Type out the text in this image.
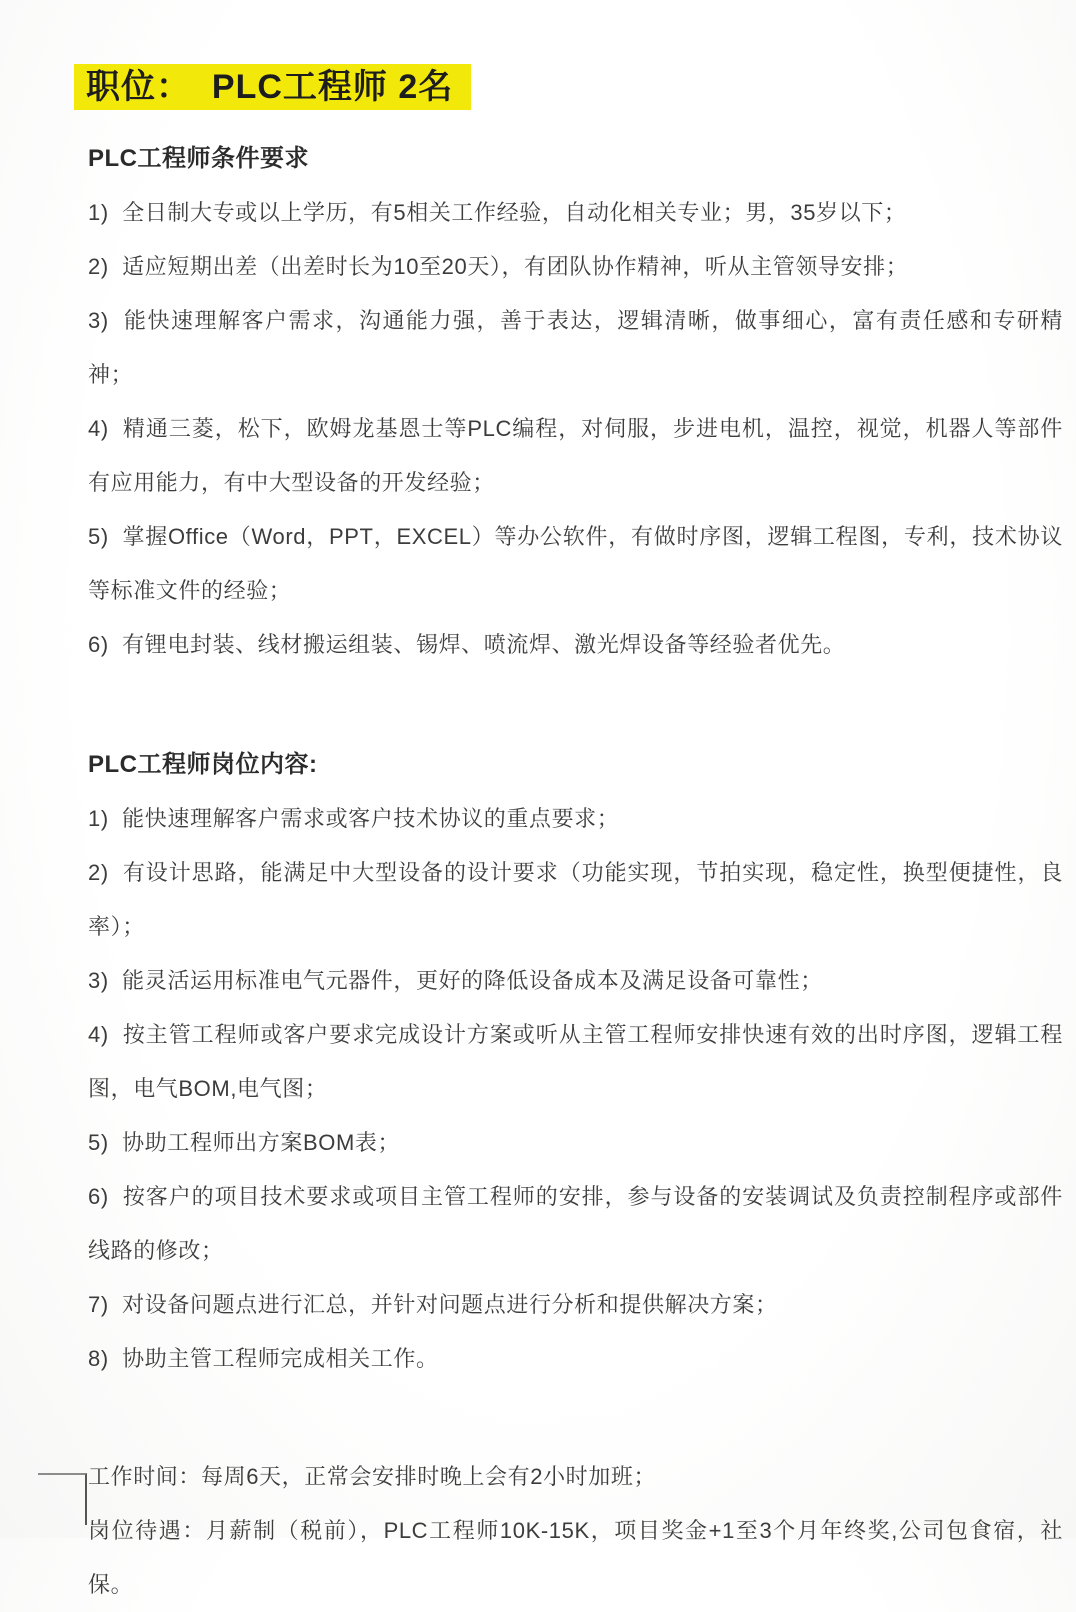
职位：  PLC工程师 2名
PLC工程师条件要求

1)  全日制大专或以上学历，有5相关工作经验，自动化相关专业；男，35岁以下；

2)  适应短期出差（出差时长为10至20天），有团队协作精神，听从主管领导安排；

3)  能快速理解客户需求，沟通能力强，善于表达，逻辑清晰，做事细心，富有责任感和专研精神；

4)  精通三菱，松下，欧姆龙基恩士等PLC编程，对伺服，步进电机，温控，视觉，机器人等部件有应用能力，有中大型设备的开发经验；

5)  掌握Office（Word，PPT，EXCEL）等办公软件，有做时序图，逻辑工程图，专利，技术协议等标准文件的经验；

6)  有锂电封装、线材搬运组装、锡焊、喷流焊、激光焊设备等经验者优先。

PLC工程师岗位内容:

1)  能快速理解客户需求或客户技术协议的重点要求；

2)  有设计思路，能满足中大型设备的设计要求（功能实现，节拍实现，稳定性，换型便捷性，良率）；

3)  能灵活运用标准电气元器件，更好的降低设备成本及满足设备可靠性；

4)  按主管工程师或客户要求完成设计方案或听从主管工程师安排快速有效的出时序图，逻辑工程图，电气BOM,电气图；

5)  协助工程师出方案BOM表；

6)  按客户的项目技术要求或项目主管工程师的安排，参与设备的安装调试及负责控制程序或部件线路的修改；

7)  对设备问题点进行汇总，并针对问题点进行分析和提供解决方案；

8)  协助主管工程师完成相关工作。

工作时间：每周6天，正常会安排时晚上会有2小时加班；

岗位待遇：月薪制（税前），PLC工程师10K-15K，项目奖金+1至3个月年终奖,公司包食宿，社保。
